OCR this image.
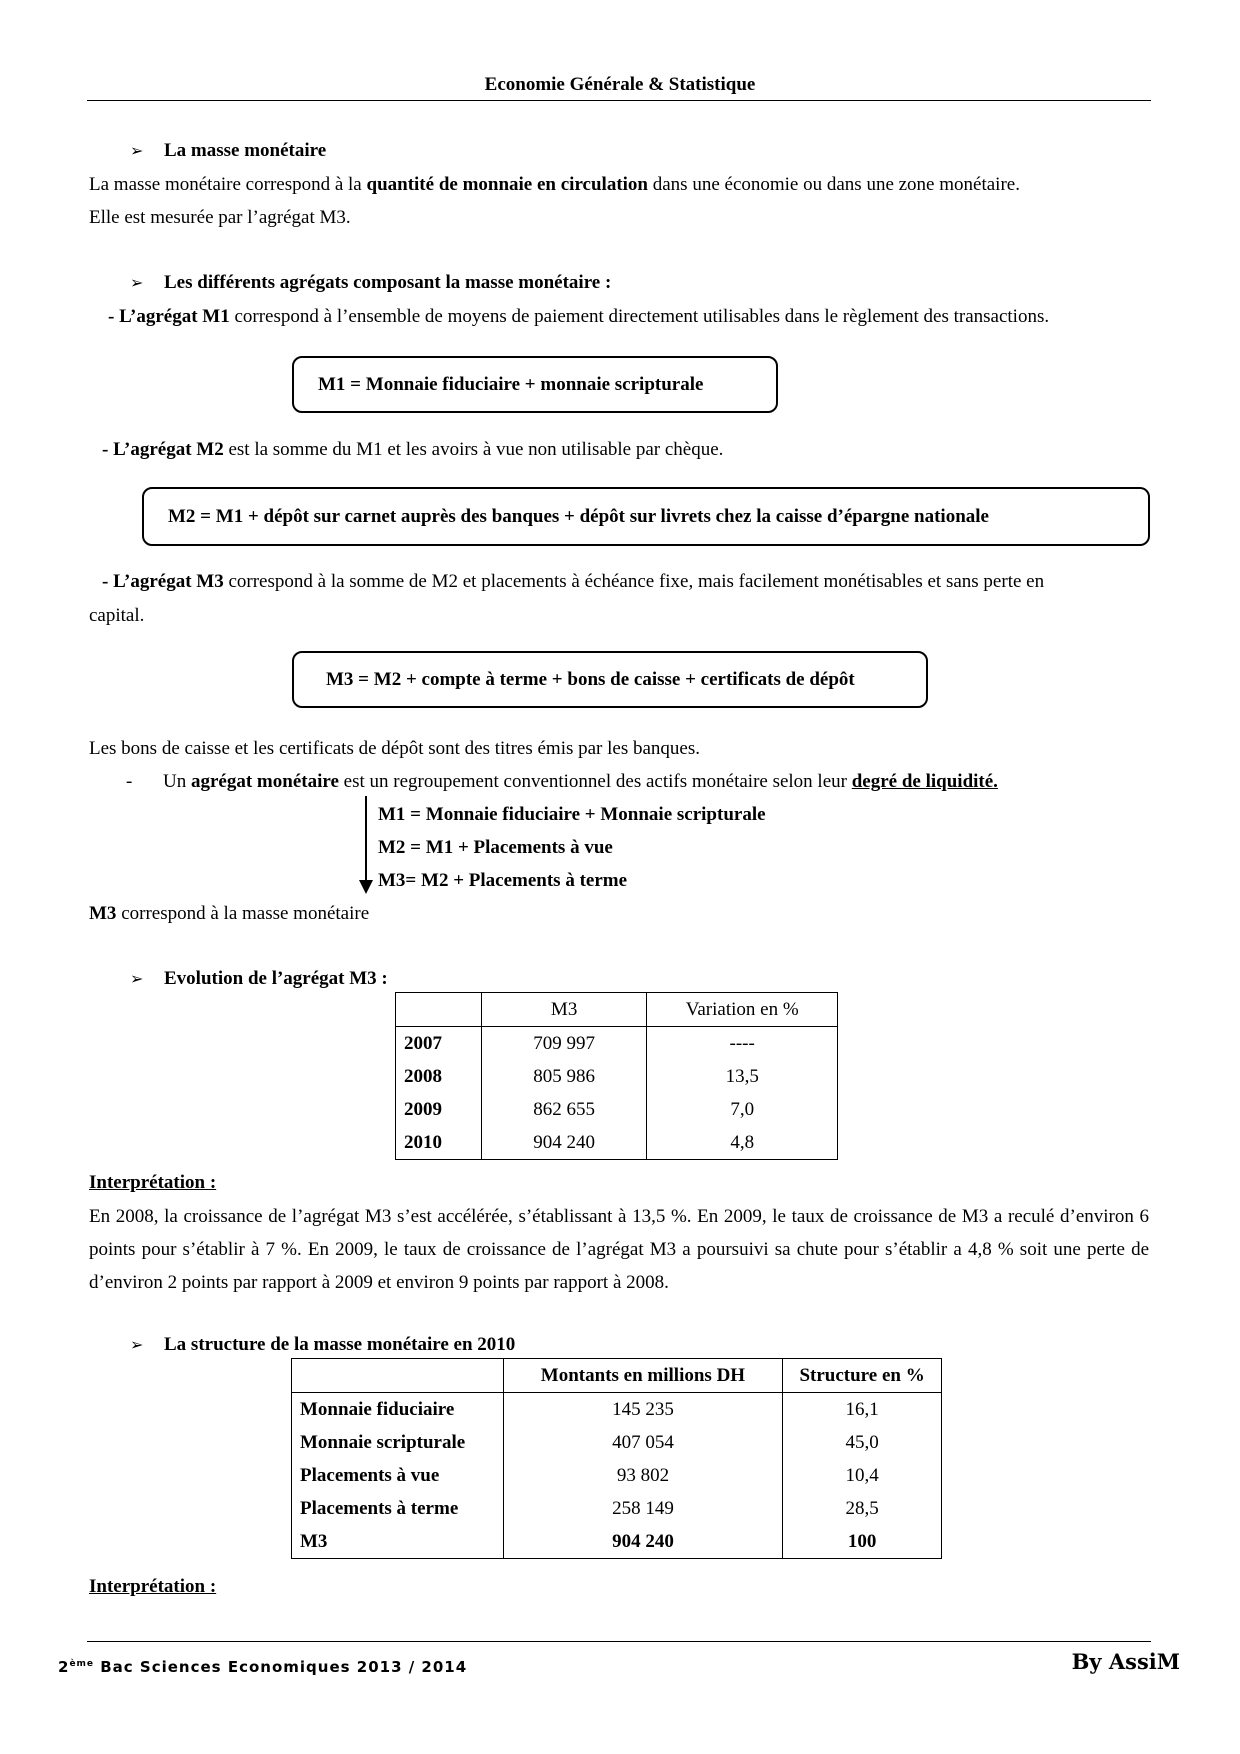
Economie Générale & Statistique
➢ La masse monétaire
La masse monétaire correspond à la quantité de monnaie en circulation dans une économie ou dans une zone monétaire.
Elle est mesurée par l’agrégat M3.
➢ Les différents agrégats composant la masse monétaire :
- L’agrégat M1 correspond à l’ensemble de moyens de paiement directement utilisables dans le règlement des transactions.
M1 = Monnaie fiduciaire + monnaie scripturale
- L’agrégat M2 est la somme du M1 et les avoirs à vue non utilisable par chèque.
M2 = M1 + dépôt sur carnet auprès des banques + dépôt sur livrets chez la caisse d’épargne nationale
- L’agrégat M3 correspond à la somme de M2 et placements à échéance fixe, mais facilement monétisables et sans perte en
capital.
M3 = M2 + compte à terme + bons de caisse + certificats de dépôt
Les bons de caisse et les certificats de dépôt sont des titres émis par les banques.
- Un agrégat monétaire est un regroupement conventionnel des actifs monétaire selon leur degré de liquidité.
M1 = Monnaie fiduciaire + Monnaie scripturale
M2 = M1 + Placements à vue
M3= M2 + Placements à terme
M3 correspond à la masse monétaire
➢ Evolution de l’agrégat M3 :
	M3	Variation en %
2007	709 997	----
2008	805 986	13,5
2009	862 655	7,0
2010	904 240	4,8
Interprétation :
En 2008, la croissance de l’agrégat M3 s’est accélérée, s’établissant à 13,5 %. En 2009, le taux de croissance de M3 a reculé d’environ 6 points pour s’établir à 7 %. En 2009, le taux de croissance de l’agrégat M3 a poursuivi sa chute pour s’établir a 4,8 % soit une perte de d’environ 2 points par rapport à 2009 et environ 9 points par rapport à 2008.
➢ La structure de la masse monétaire en 2010
	Montants en millions DH	Structure en %
Monnaie fiduciaire	145 235	16,1
Monnaie scripturale	407 054	45,0
Placements à vue	93 802	10,4
Placements à terme	258 149	28,5
M3	904 240	100
Interprétation :
2ème Bac Sciences Economiques 2013 / 2014	By AssiM
